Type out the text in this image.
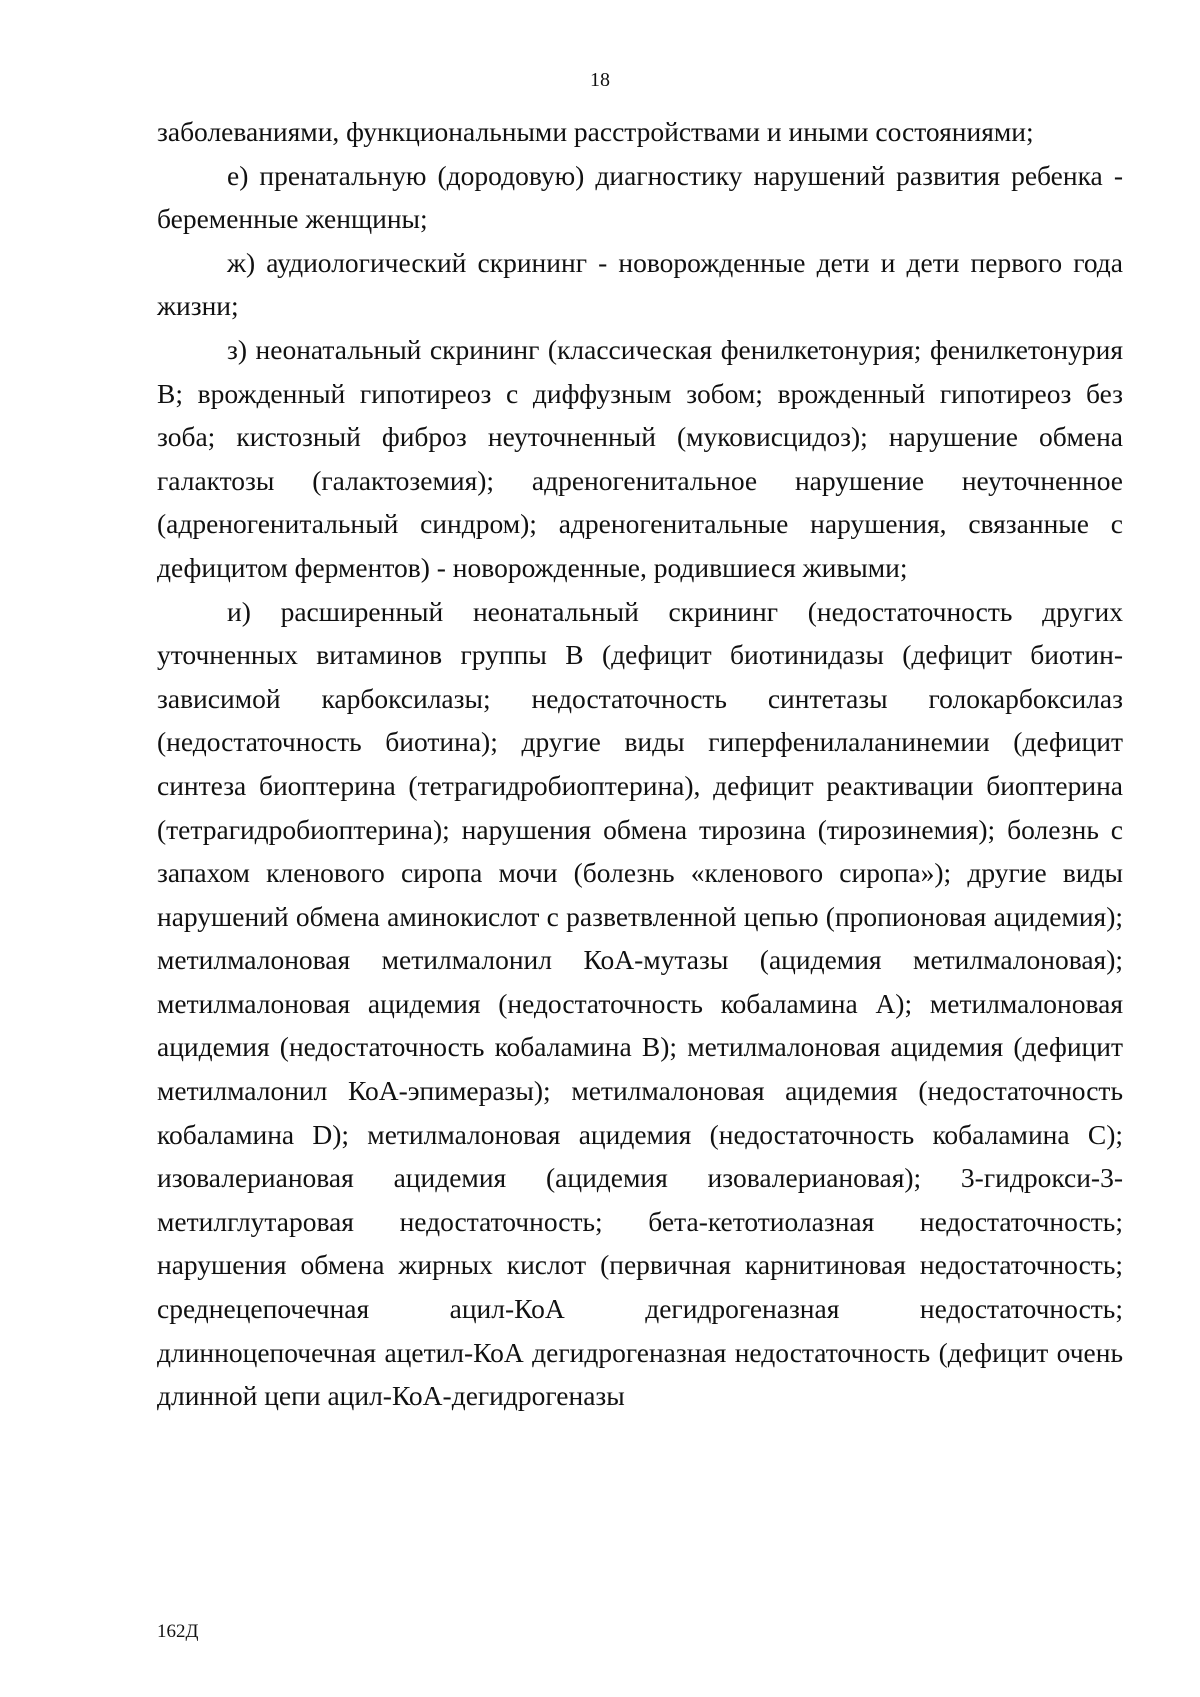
18

заболеваниями, функциональными расстройствами и иными состояниями;

е) пренатальную (дородовую) диагностику нарушений развития ребенка - беременные женщины;

ж) аудиологический скрининг - новорожденные дети и дети первого года жизни;

з) неонатальный скрининг (классическая фенилкетонурия; фенилкетонурия B; врожденный гипотиреоз с диффузным зобом; врожденный гипотиреоз без зоба; кистозный фиброз неуточненный (муковисцидоз); нарушение обмена галактозы (галактоземия); адреногенитальное нарушение неуточненное (адреногенитальный синдром); адреногенитальные нарушения, связанные с дефицитом ферментов) - новорожденные, родившиеся живыми;

и) расширенный неонатальный скрининг (недостаточность других уточненных витаминов группы B (дефицит биотинидазы (дефицит биотин-зависимой карбоксилазы; недостаточность синтетазы голокарбоксилаз (недостаточность биотина); другие виды гиперфенилаланинемии (дефицит синтеза биоптерина (тетрагидробиоптерина), дефицит реактивации биоптерина (тетрагидробиоптерина); нарушения обмена тирозина (тирозинемия); болезнь с запахом кленового сиропа мочи (болезнь «кленового сиропа»); другие виды нарушений обмена аминокислот с разветвленной цепью (пропионовая ацидемия); метилмалоновая метилмалонил КоА-мутазы (ацидемия метилмалоновая); метилмалоновая ацидемия (недостаточность кобаламина A); метилмалоновая ацидемия (недостаточность кобаламина B); метилмалоновая ацидемия (дефицит метилмалонил КоА-эпимеразы); метилмалоновая ацидемия (недостаточность кобаламина D); метилмалоновая ацидемия (недостаточность кобаламина C); изовалериановая ацидемия (ацидемия изовалериановая); 3-гидрокси-3-метилглутаровая недостаточность; бета-кетотиолазная недостаточность; нарушения обмена жирных кислот (первичная карнитиновая недостаточность; среднецепочечная ацил-КоА дегидрогеназная недостаточность; длинноцепочечная ацетил-КоА дегидрогеназная недостаточность (дефицит очень длинной цепи ацил-КоА-дегидрогеназы

162Д
